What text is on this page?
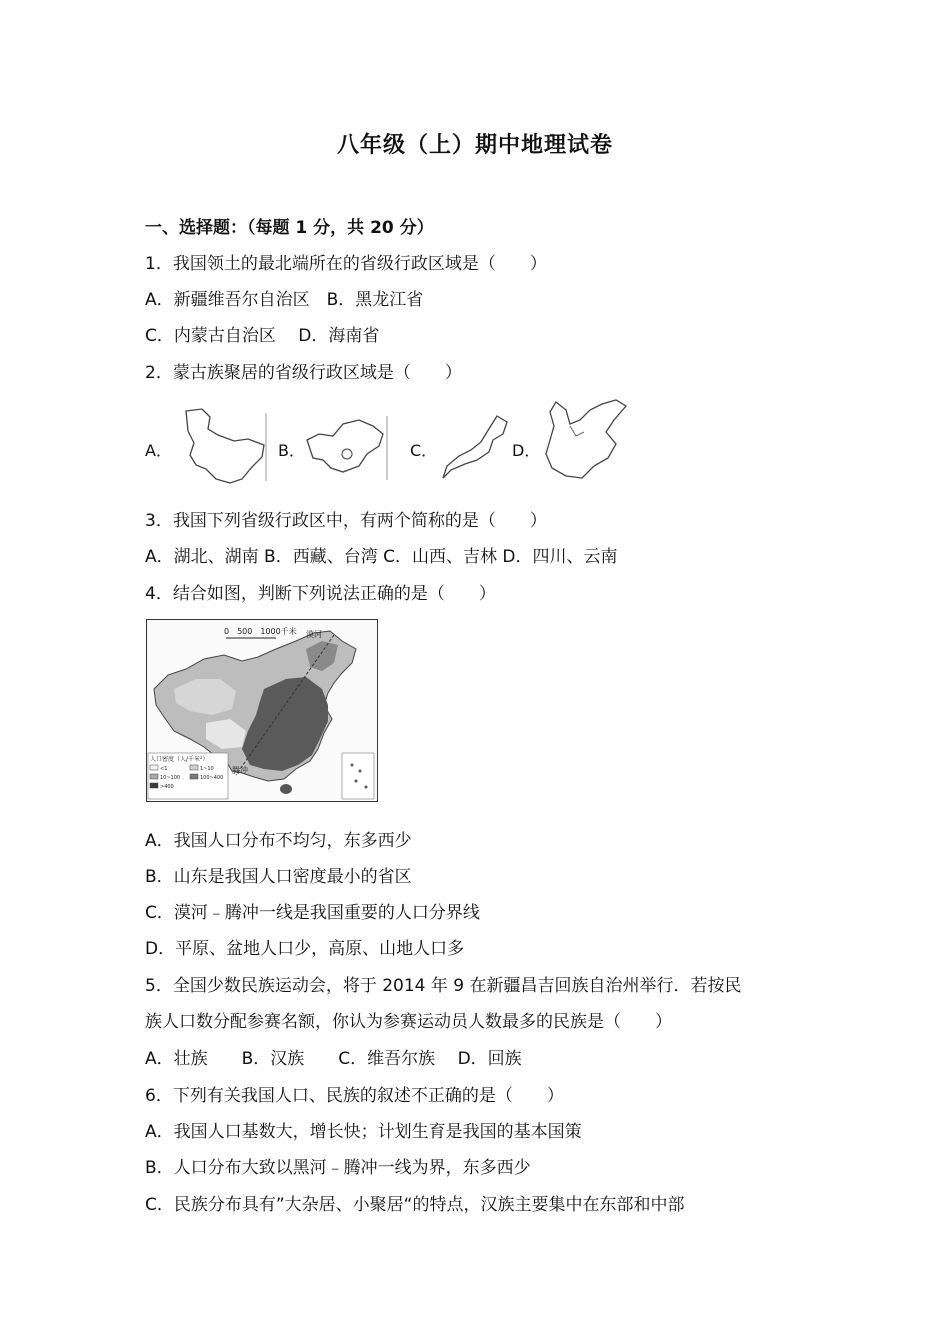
八年级（上）期中地理试卷
一、选择题：（每题 1 分，共 20 分）
1．我国领土的最北端所在的省级行政区域是（　　）
A．新疆维吾尔自治区　B．黑龙江省
C．内蒙古自治区　 D．海南省
2．蒙古族聚居的省级行政区域是（　　）
A．	B．	C．	D．
3．我国下列省级行政区中，有两个简称的是（　　）
A．湖北、湖南 B．西藏、台湾 C．山西、吉林 D．四川、云南
4．结合如图，判断下列说法正确的是（　　）
0　500　1000千米 漠河
腾冲
人口密度（人/千米²）
<1	1~10
10~100	100~400
>400
A．我国人口分布不均匀，东多西少
B．山东是我国人口密度最小的省区
C．漠河﹣腾冲一线是我国重要的人口分界线
D．平原、盆地人口少，高原、山地人口多
5．全国少数民族运动会，将于 2014 年 9 在新疆昌吉回族自治州举行．若按民
族人口数分配参赛名额，你认为参赛运动员人数最多的民族是（　　）
A．壮族　　B．汉族　　C．维吾尔族　 D．回族
6．下列有关我国人口、民族的叙述不正确的是（　　）
A．我国人口基数大，增长快；计划生育是我国的基本国策
B．人口分布大致以黑河﹣腾冲一线为界，东多西少
C．民族分布具有”大杂居、小聚居“的特点，汉族主要集中在东部和中部
